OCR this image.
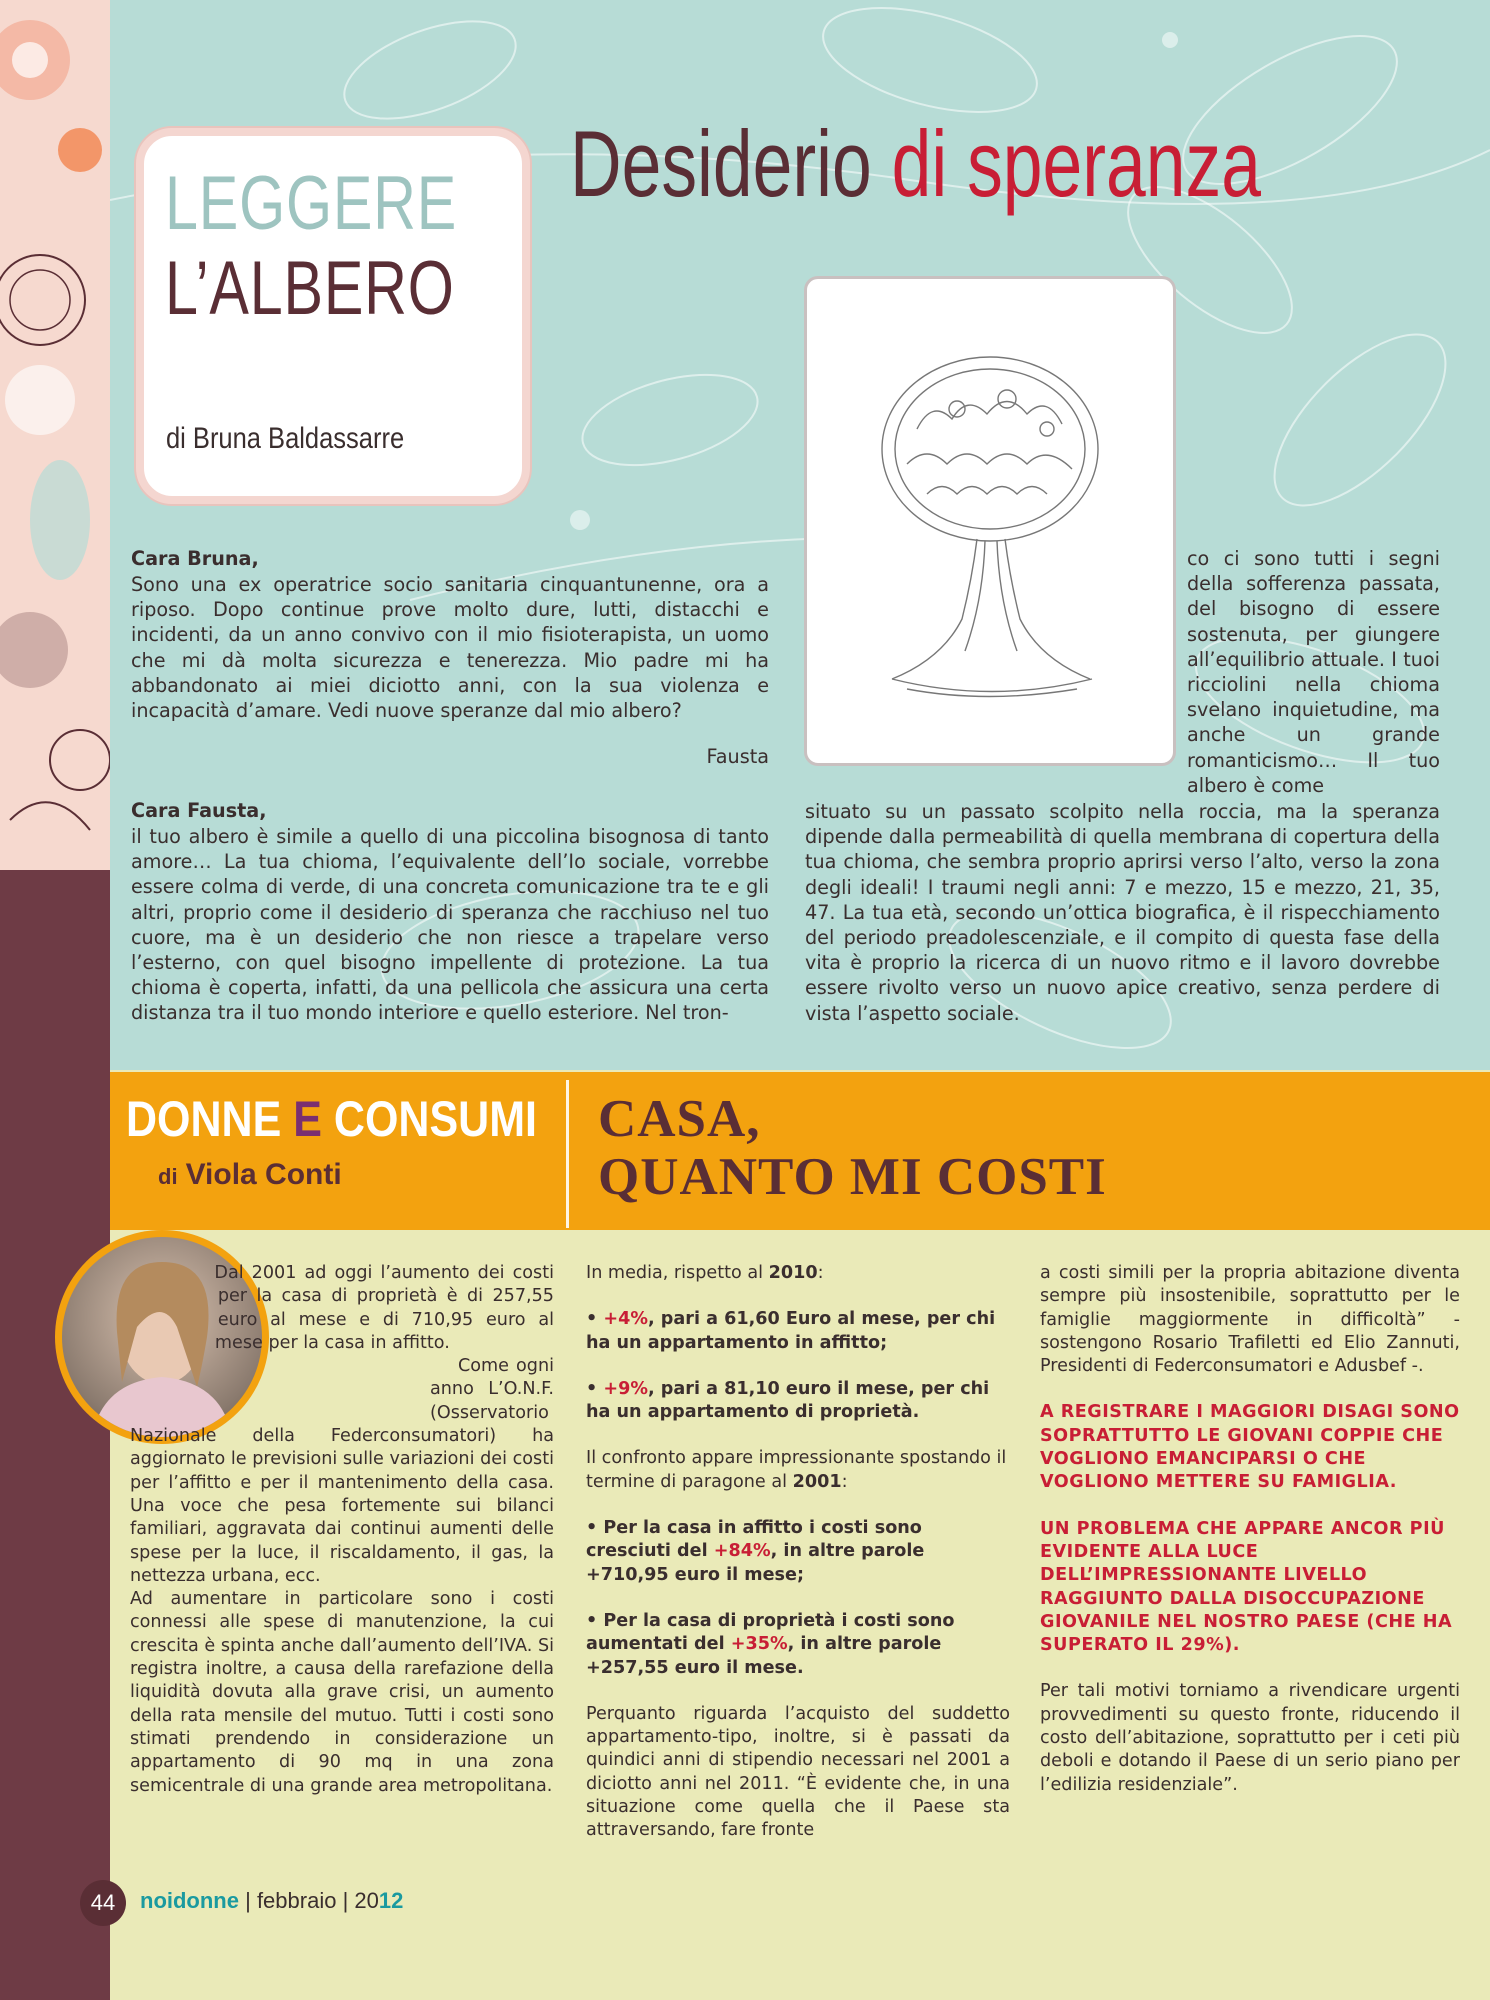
LEGGERE
L’ALBERO
di Bruna Baldassarre
Desiderio di speranza
Cara Bruna,
Sono una ex operatrice socio sanitaria cinquantunenne, ora a riposo. Dopo continue prove molto dure, lutti, distacchi e incidenti, da un anno convivo con il mio fisioterapista, un uomo che mi dà molta sicurezza e tenerezza. Mio padre mi ha abbandonato ai miei diciotto anni, con la sua violenza e incapacità d’amare. Vedi nuove speranze dal mio albero?
Fausta
Cara Fausta,
il tuo albero è simile a quello di una piccolina bisognosa di tanto amore… La tua chioma, l’equivalente dell’Io sociale, vorrebbe essere colma di verde, di una concreta comunicazione tra te e gli altri, proprio come il desiderio di speranza che racchiuso nel tuo cuore, ma è un desiderio che non riesce a trapelare verso l’esterno, con quel bisogno impellente di protezione. La tua chioma è coperta, infatti, da una pellicola che assicura una certa distanza tra il tuo mondo interiore e quello esteriore. Nel tron-
co ci sono tutti i segni della sofferenza passata, del bisogno di essere sostenuta, per giungere all’equilibrio attuale. I tuoi ricciolini nella chioma svelano inquietudine, ma anche un grande romanticismo… Il tuo albero è come
situato su un passato scolpito nella roccia, ma la speranza dipende dalla permeabilità di quella membrana di copertura della tua chioma, che sembra proprio aprirsi verso l’alto, verso la zona degli ideali! I traumi negli anni: 7 e mezzo, 15 e mezzo, 21, 35, 47. La tua età, secondo un’ottica biografica, è il rispecchiamento del periodo preadolescenziale, e il compito di questa fase della vita è proprio la ricerca di un nuovo ritmo e il lavoro dovrebbe essere rivolto verso un nuovo apice creativo, senza perdere di vista l’aspetto sociale.
DONNE E CONSUMI
di Viola Conti
CASA,
QUANTO MI COSTI

Dal 2001 ad oggi l’aumento dei costi per la casa di proprietà è di 257,55 euro al mese e di 710,95 euro al mese per la casa in affitto.

Come ogni anno L’O.N.F. (Osservatorio Nazionale della Federconsumatori) ha aggiornato le previsioni sulle variazioni dei costi per l’affitto e per il mantenimento della casa. Una voce che pesa fortemente sui bilanci familiari, aggravata dai continui aumenti delle spese per la luce, il riscaldamento, il gas, la nettezza urbana, ecc.

Ad aumentare in particolare sono i costi connessi alle spese di manutenzione, la cui crescita è spinta anche dall’aumento dell’IVA. Si registra inoltre, a causa della rarefazione della liquidità dovuta alla grave crisi, un aumento della rata mensile del mutuo. Tutti i costi sono stimati prendendo in considerazione un appartamento di 90 mq in una zona semicentrale di una grande area metropolitana.

In media, rispetto al 2010:

• +4%, pari a 61,60 Euro al mese, per chi ha un appartamento in affitto;

• +9%, pari a 81,10 euro il mese, per chi ha un appartamento di proprietà.

Il confronto appare impressionante spostando il termine di paragone al 2001:

• Per la casa in affitto i costi sono cresciuti del +84%, in altre parole +710,95 euro il mese;

• Per la casa di proprietà i costi sono aumentati del +35%, in altre parole +257,55 euro il mese.

Perquanto riguarda l’acquisto del suddetto appartamento-tipo, inoltre, si è passati da quindici anni di stipendio necessari nel 2001 a diciotto anni nel 2011. “È evidente che, in una situazione come quella che il Paese sta attraversando, fare fronte

a costi simili per la propria abitazione diventa sempre più insostenibile, soprattutto per le famiglie maggiormente in difficoltà” - sostengono Rosario Trafiletti ed Elio Zannuti, Presidenti di Federconsumatori e Adusbef -.

A REGISTRARE I MAGGIORI DISAGI SONO SOPRATTUTTO LE GIOVANI COPPIE CHE VOGLIONO EMANCIPARSI O CHE VOGLIONO METTERE SU FAMIGLIA.

UN PROBLEMA CHE APPARE ANCOR PIÙ EVIDENTE ALLA LUCE DELL’IMPRESSIONANTE LIVELLO RAGGIUNTO DALLA DISOCCUPAZIONE GIOVANILE NEL NOSTRO PAESE (CHE HA SUPERATO IL 29%).

Per tali motivi torniamo a rivendicare urgenti provvedimenti su questo fronte, riducendo il costo dell’abitazione, soprattutto per i ceti più deboli e dotando il Paese di un serio piano per l’edilizia residenziale”.

44	noidonne | febbraio | 2012
